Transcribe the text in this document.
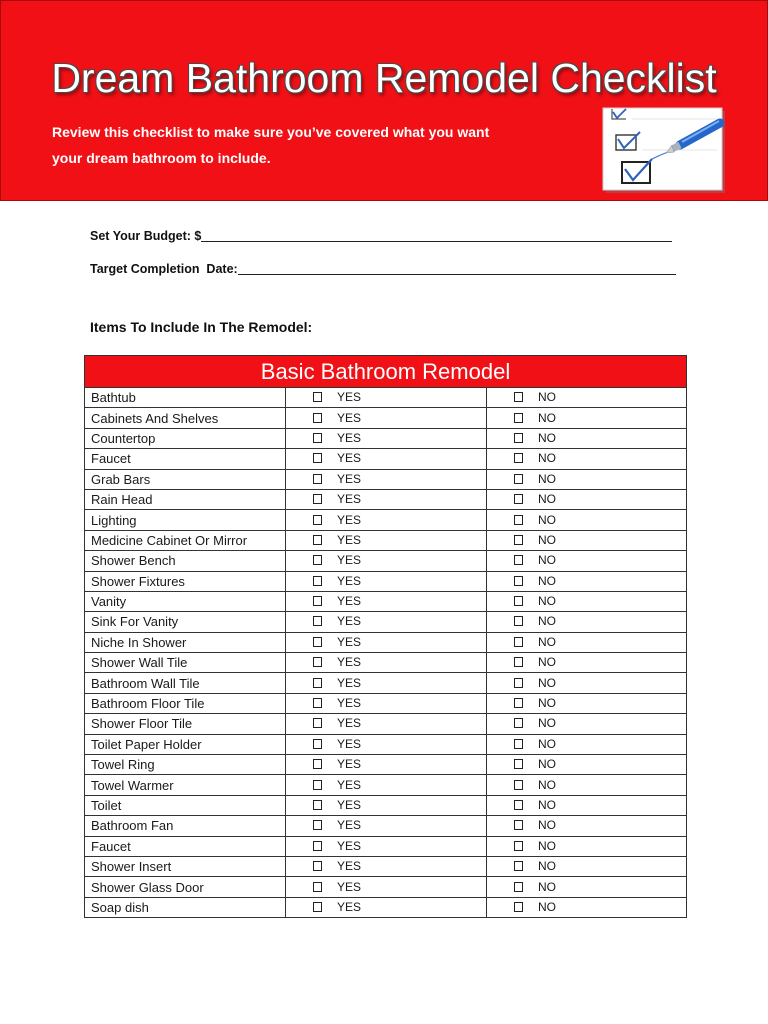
Dream Bathroom Remodel Checklist
Review this checklist to make sure you’ve covered what you want
your dream bathroom to include.
Set Your Budget: $
Target Completion  Date:
Items To Include In The Remodel:
Basic Bathroom Remodel		
Bathtub	YES	NO
Cabinets And Shelves	YES	NO
Countertop	YES	NO
Faucet	YES	NO
Grab Bars	YES	NO
Rain Head	YES	NO
Lighting	YES	NO
Medicine Cabinet Or Mirror	YES	NO
Shower Bench	YES	NO
Shower Fixtures	YES	NO
Vanity	YES	NO
Sink For Vanity	YES	NO
Niche In Shower	YES	NO
Shower Wall Tile	YES	NO
Bathroom Wall Tile	YES	NO
Bathroom Floor Tile	YES	NO
Shower Floor Tile	YES	NO
Toilet Paper Holder	YES	NO
Towel Ring	YES	NO
Towel Warmer	YES	NO
Toilet	YES	NO
Bathroom Fan	YES	NO
Faucet	YES	NO
Shower Insert	YES	NO
Shower Glass Door	YES	NO
Soap dish	YES	NO
